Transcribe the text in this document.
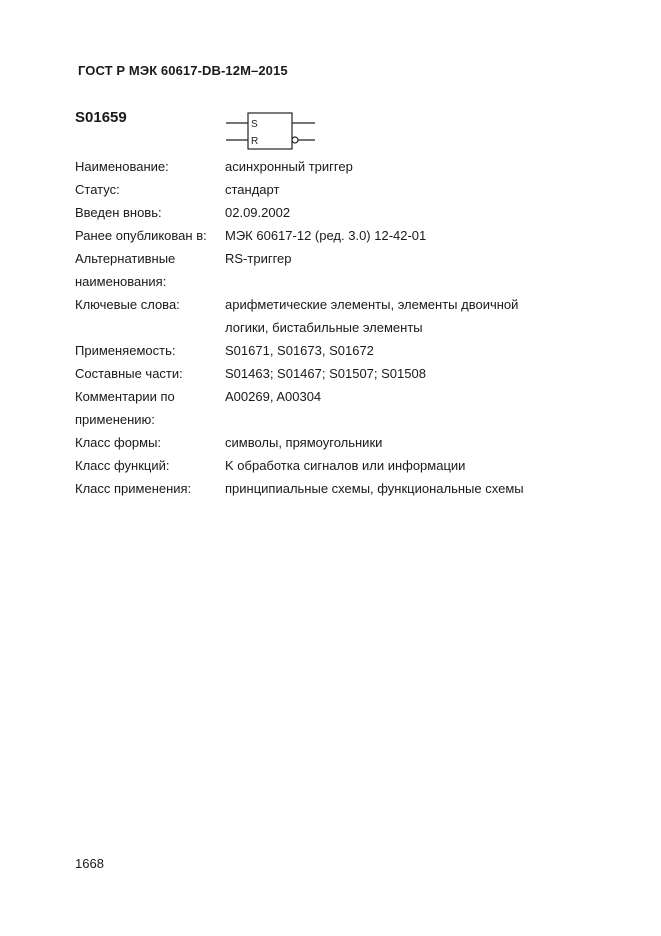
ГОСТ Р МЭК 60617-DB-12M–2015
S01659	S
R
Наименование:	асинхронный триггер
Статус:	стандарт
Введен вновь:	02.09.2002
Ранее опубликован в:	МЭК 60617-12 (ред. 3.0) 12-42-01
Альтернативные	RS-триггер
наименования:
Ключевые слова:	арифметические элементы, элементы двоичной
логики, бистабильные элементы
Применяемость:	S01671, S01673, S01672
Составные части:	S01463; S01467; S01507; S01508
Комментарии по	A00269, A00304
применению:
Класс формы:	символы, прямоугольники
Класс функций:	K обработка сигналов или информации
Класс применения:	принципиальные схемы, функциональные схемы
1668
